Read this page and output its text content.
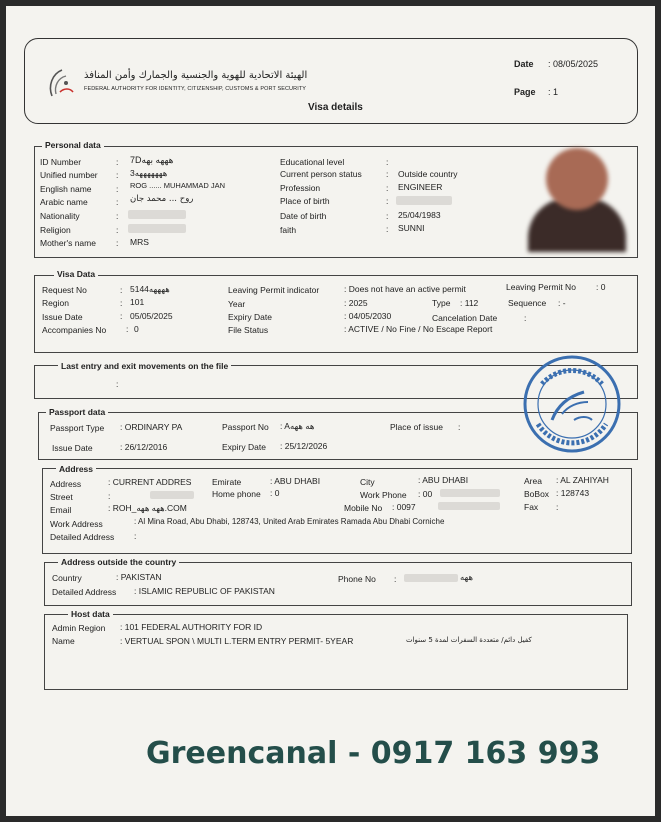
الهيئة الاتحادية للهوية والجنسية والجمارك وأمن المنافذ
FEDERAL AUTHORITY FOR IDENTITY, CITIZENSHIP, CUSTOMS & PORT SECURITY
Visa details
Date : 08/05/2025
Page : 1
Personal data
ID Number	: 7Dهههه بهه
Unified number : 3هههههههه
English name	: ROG ...... MUHAMMAD JAN
Arabic name	: روح ... محمد جان
Nationality	:
Religion	:
Mother's name : MRS
Educational level	:
Current person status	: Outside country
Profession	: ENGINEER
Place of birth	:
Date of birth	: 25/04/1983
faith	: SUNNI
Visa Data
Request No	: 5144ههههه
Region	: 101
Issue Date	: 05/05/2025
Accompanies No : 0
Leaving Permit indicator	: Does not have an active permit
Year	: 2025
Expiry Date	: 04/05/2030
File Status	: ACTIVE / No Fine / No Escape Report
Leaving Permit No : 0
Type : 112	Sequence : -
Cancelation Date	:
Last entry and exit movements on the file
:
Passport data
Passport Type : ORDINARY PA	Passport No : Aهه ههه	Place of issue :
Issue Date	: 26/12/2016	Expiry Date : 25/12/2026
Address
Address	: CURRENT ADDRES
Street	:
Email	: ROH_ههه ههه.COM
Work Address	: Al Mina Road, Abu Dhabi, 128743, United Arab Emirates Ramada Abu Dhabi Corniche
Detailed Address :
Emirate	: ABU DHABI
Home phone : 0
Mobile No : 0097
City	: ABU DHABI
Work Phone : 00
Area : AL ZAHIYAH
BoBox : 128743
Fax :
Address outside the country
Country	: PAKISTAN	Phone No :	ههه
Detailed Address : ISLAMIC REPUBLIC OF PAKISTAN
Host data
Admin Region : 101 FEDERAL AUTHORITY FOR ID
Name	: VERTUAL SPON \ MULTI L.TERM ENTRY PERMIT- 5YEAR	كفيل دائم/ متعددة السفرات لمدة 5 سنوات
Greencanal - 0917 163 993
